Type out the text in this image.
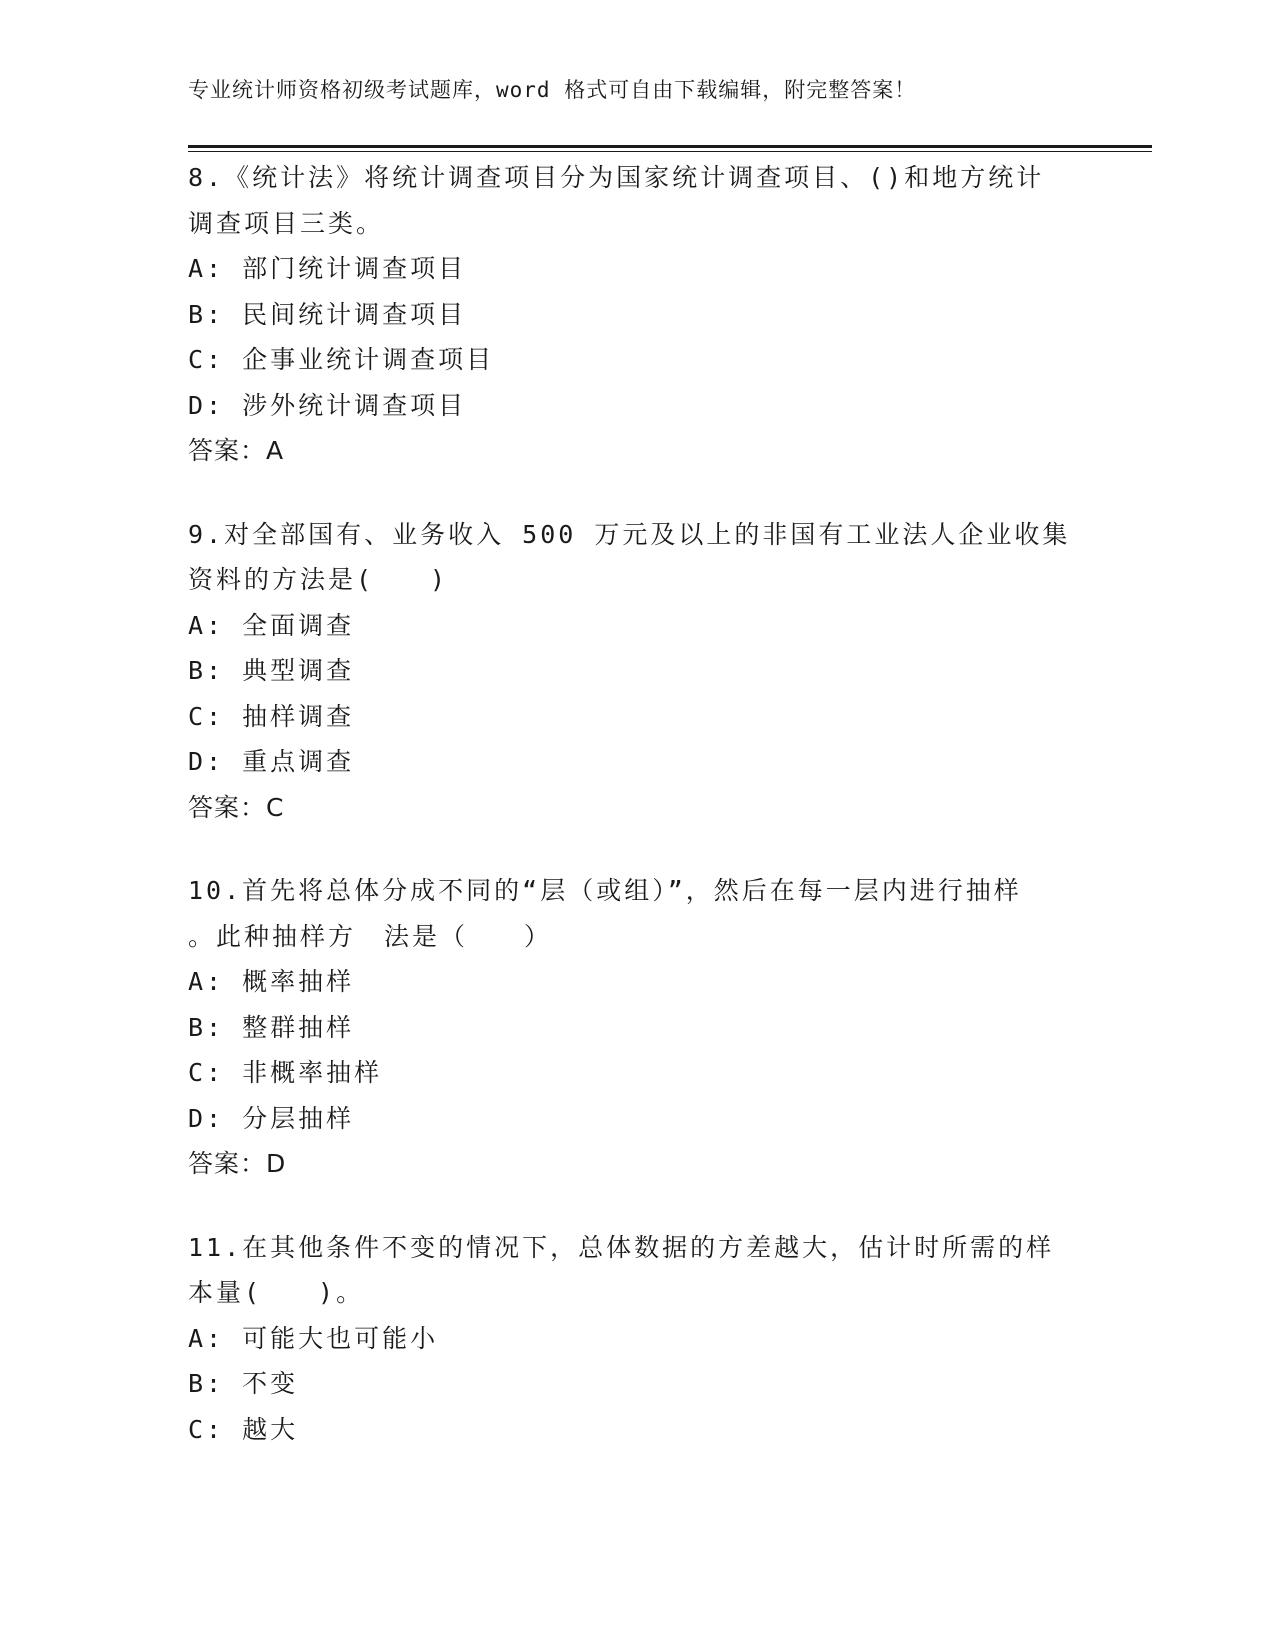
专业统计师资格初级考试题库，word 格式可自由下载编辑，附完整答案！
8.《统计法》将统计调查项目分为国家统计调查项目、()和地方统计
调查项目三类。
A: 部门统计调查项目
B: 民间统计调查项目
C: 企事业统计调查项目
D: 涉外统计调查项目
答案：A
9.对全部国有、业务收入 500 万元及以上的非国有工业法人企业收集
资料的方法是(　　)
A: 全面调查
B: 典型调查
C: 抽样调查
D: 重点调查
答案：C
10.首先将总体分成不同的“层（或组）”，然后在每一层内进行抽样
。此种抽样方　法是（　　）
A: 概率抽样
B: 整群抽样
C: 非概率抽样
D: 分层抽样
答案：D
11.在其他条件不变的情况下，总体数据的方差越大，估计时所需的样
本量(　　)。
A: 可能大也可能小
B: 不变
C: 越大
